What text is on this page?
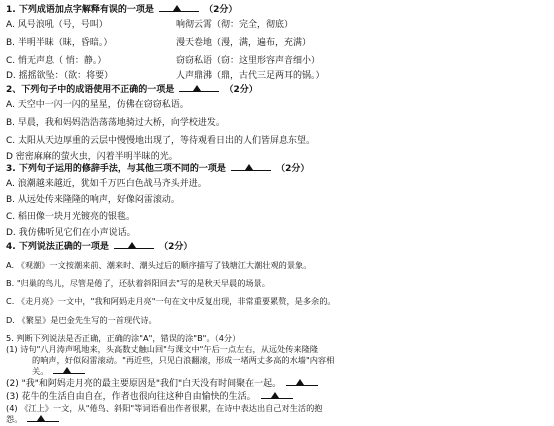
1. 下列成语加点字解释有误的一项是	（2分）
A. 风号浪吼（号，号叫）	响彻云霄（彻：完全，彻底）
B. 半明半昧（昧，昏暗。）	漫天卷地（漫，满，遍布，充满）
C. 悄无声息（ 悄：静。）	窃窃私语（窃：这里形容声音细小）
D. 摇摇欲坠：（欲：将要）	人声鼎沸（鼎，古代三足两耳的锅。）
2、下列句子中的成语使用不正确的一项是	（2分）
A. 天空中一闪一闪的星星，仿佛在窃窃私语。
B. 早晨，我和妈妈浩浩荡荡地骑过大桥，向学校进发。
C. 太阳从天边厚重的云层中慢慢地出现了，等待观看日出的人们皆屏息东望。
D 密密麻麻的萤火虫，闪着半明半昧的光。
3. 下列句子运用的修辞手法，与其他三项不同的一项是	（2分）
A. 浪潮越来越近，犹如千万匹白色战马齐头并进。
B. 从远处传来隆隆的响声，好像闷雷滚动。
C. 稻田像一块月光镀亮的银毯。
D. 我仿佛听见它们在小声说话。
4. 下列说法正确的一项是	（2分）
A. 《观潮》一文按潮来前、潮来时、潮头过后的顺序描写了钱塘江大潮壮观的景象。
B. "归巢的鸟儿，尽管是倦了，还驮着斜阳回去"写的是秋天早晨的场景。
C. 《走月亮》一文中，"我和阿妈走月亮"一句在文中反复出现，非常重要累赘，是多余的。
D. 《繁星》是巴金先生写的一首现代诗。
5. 判断下列说法是否正确，正确的涂"A"，错误的涂"B"。（4分）
(1) 诗句"八月涛声吼地来，头高数丈触山回"与课文中"午后一点左右，从远处传来隆隆
的响声，好似闷雷滚动。"再近些，只见白浪翻滚，形成一堵两丈多高的水墙"内容相
关。
(2) "我"和阿妈走月亮的最主要原因是"我们"白天没有时间聚在一起。
(3) 花牛的生活自由自在，作者也很向往这种自由愉快的生活。
(4) 《江上》一文，从"倦鸟、斜阳"等词语看出作者很累，在诗中表达出自己对生活的抱
怨。
